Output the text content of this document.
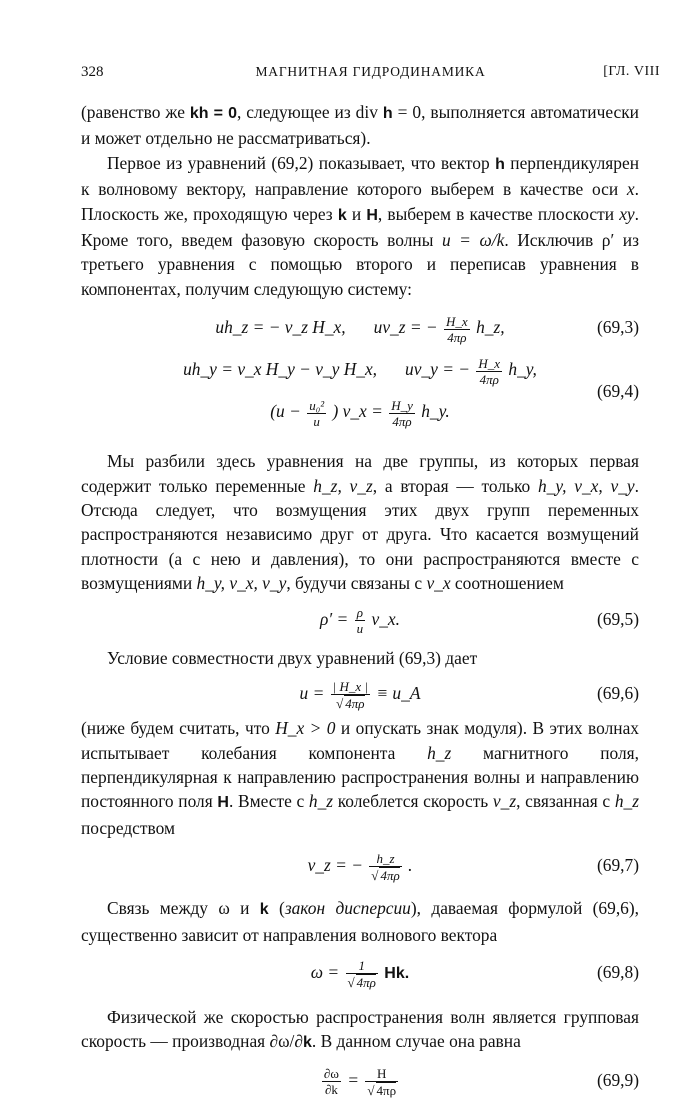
328	МАГНИТНАЯ ГИДРОДИНАМИКА	[ГЛ. VIII

(равенство же kh = 0, следующее из div h = 0, выполняется автоматически и может отдельно не рассматриваться).

Первое из уравнений (69,2) показывает, что вектор h перпендикулярен к волновому вектору, направление которого выберем в качестве оси x. Плоскость же, проходящую через k и H, выберем в качестве плоскости xy. Кроме того, введем фазовую скорость волны u = ω/k. Исключив ρ′ из третьего уравнения с помощью второго и переписав уравнения в компонентах, получим следующую систему:

uh_z = − v_z H_x, uv_z = − $\frac{H\_x}{4\pi\rho}$ h_z,	(69,3)
uh_y = v_x H_y − v_y H_x, uv_y = − $\frac{H\_x}{4\pi\rho}$ h_y,
($u - \frac{\text{u₀²}}{u}$ ) v_x = $\frac{H\_y}{4\pi\rho}$ h_y.
(69,4)

Мы разбили здесь уравнения на две группы, из которых первая содержит только переменные h_z, v_z, а вторая — только h_y, v_x, v_y. Отсюда следует, что возмущения этих двух групп переменных распространяются независимо друг от друга. Что касается возмущений плотности (а с нею и давления), то они распространяются вместе с возмущениями h_y, v_x, v_y, будучи связаны с v_x соотношением

$\rho' = \frac{\rho}{u}$ v_x.	(69,5)

Условие совместности двух уравнений (69,3) дает

$u = \frac{| H\_x |}{√ 4\pi\rho}$ ≡ u_A	(69,6)

(ниже будем считать, что H_x > 0 и опускать знак модуля). В этих волнах испытывает колебания компонента h_z магнитного поля, перпендикулярная к направлению распространения волны и направлению постоянного поля H. Вместе с h_z колеблется скорость v_z, связанная с h_z посредством

v_z = − $\frac{h\_z}{√ 4\pi\rho}$ .	(69,7)

Связь между ω и k (закон дисперсии), даваемая формулой (69,6), существенно зависит от направления волнового вектора

$\omega = \frac{1}{√ 4\pi\rho} Hk$.	(69,8)

Физической же скоростью распространения волн является групповая скорость — производная ∂ω/∂k. В данном случае она равна

$\frac{\partial\omega}{\partial k} = \frac{H}{√ 4\pi\rho}$	(69,9)
